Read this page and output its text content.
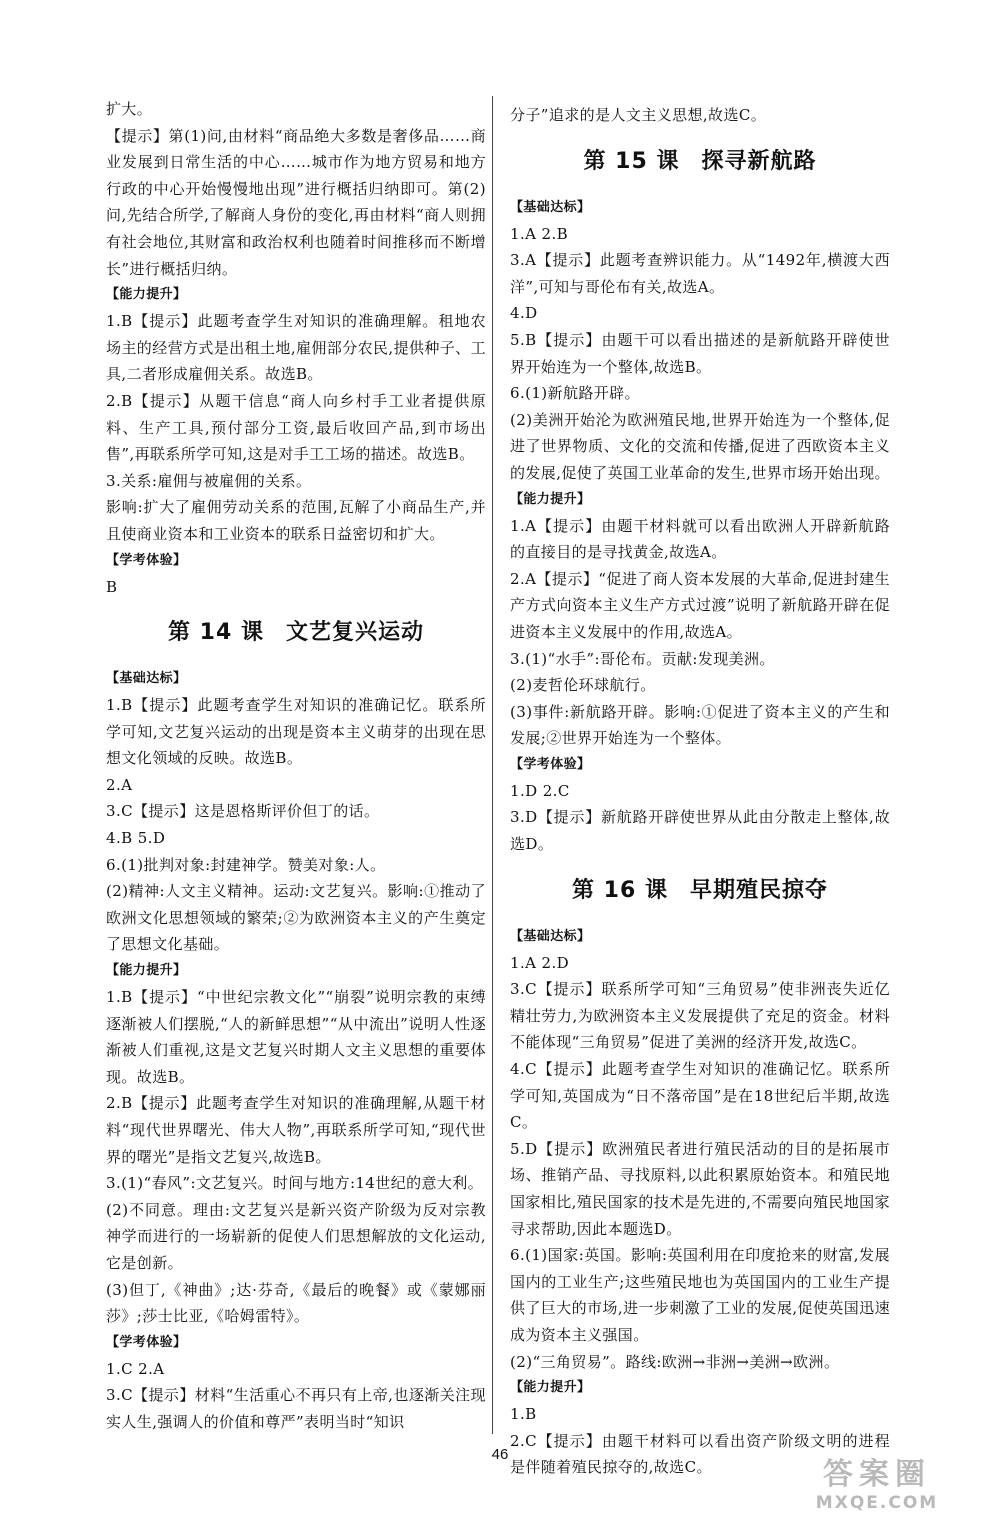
扩大。

【提示】第(1)问,由材料“商品绝大多数是奢侈品……商业发展到日常生活的中心……城市作为地方贸易和地方行政的中心开始慢慢地出现”进行概括归纳即可。第(2)问,先结合所学,了解商人身份的变化,再由材料“商人则拥有社会地位,其财富和政治权利也随着时间推移而不断增长”进行概括归纳。

【能力提升】

1.B【提示】此题考查学生对知识的准确理解。租地农场主的经营方式是出租土地,雇佣部分农民,提供种子、工具,二者形成雇佣关系。故选B。

2.B【提示】从题干信息“商人向乡村手工业者提供原料、生产工具,预付部分工资,最后收回产品,到市场出售”,再联系所学可知,这是对手工工场的描述。故选B。

3.关系:雇佣与被雇佣的关系。

影响:扩大了雇佣劳动关系的范围,瓦解了小商品生产,并且使商业资本和工业资本的联系日益密切和扩大。

【学考体验】

B

第 14 课 文艺复兴运动

【基础达标】

1.B【提示】此题考查学生对知识的准确记忆。联系所学可知,文艺复兴运动的出现是资本主义萌芽的出现在思想文化领域的反映。故选B。

2.A

3.C【提示】这是恩格斯评价但丁的话。

4.B 5.D

6.(1)批判对象:封建神学。赞美对象:人。

(2)精神:人文主义精神。运动:文艺复兴。影响:①推动了欧洲文化思想领域的繁荣;②为欧洲资本主义的产生奠定了思想文化基础。

【能力提升】

1.B【提示】“中世纪宗教文化”“崩裂”说明宗教的束缚逐渐被人们摆脱,“人的新鲜思想”“从中流出”说明人性逐渐被人们重视,这是文艺复兴时期人文主义思想的重要体现。故选B。

2.B【提示】此题考查学生对知识的准确理解,从题干材料“现代世界曙光、伟大人物”,再联系所学可知,“现代世界的曙光”是指文艺复兴,故选B。

3.(1)“春风”:文艺复兴。时间与地方:14世纪的意大利。

(2)不同意。理由:文艺复兴是新兴资产阶级为反对宗教神学而进行的一场崭新的促使人们思想解放的文化运动,它是创新。

(3)但丁,《神曲》;达·芬奇,《最后的晚餐》或《蒙娜丽莎》;莎士比亚,《哈姆雷特》。

【学考体验】

1.C 2.A

3.C【提示】材料“生活重心不再只有上帝,也逐渐关注现实人生,强调人的价值和尊严”表明当时“知识

分子”追求的是人文主义思想,故选C。

第 15 课 探寻新航路

【基础达标】

1.A 2.B

3.A【提示】此题考查辨识能力。从“1492年,横渡大西洋”,可知与哥伦布有关,故选A。

4.D

5.B【提示】由题干可以看出描述的是新航路开辟使世界开始连为一个整体,故选B。

6.(1)新航路开辟。

(2)美洲开始沦为欧洲殖民地,世界开始连为一个整体,促进了世界物质、文化的交流和传播,促进了西欧资本主义的发展,促使了英国工业革命的发生,世界市场开始出现。

【能力提升】

1.A【提示】由题干材料就可以看出欧洲人开辟新航路的直接目的是寻找黄金,故选A。

2.A【提示】“促进了商人资本发展的大革命,促进封建生产方式向资本主义生产方式过渡”说明了新航路开辟在促进资本主义发展中的作用,故选A。

3.(1)“水手”:哥伦布。贡献:发现美洲。

(2)麦哲伦环球航行。

(3)事件:新航路开辟。影响:①促进了资本主义的产生和发展;②世界开始连为一个整体。

【学考体验】

1.D 2.C

3.D【提示】新航路开辟使世界从此由分散走上整体,故选D。

第 16 课 早期殖民掠夺

【基础达标】

1.A 2.D

3.C【提示】联系所学可知“三角贸易”使非洲丧失近亿精壮劳力,为欧洲资本主义发展提供了充足的资金。材料不能体现“三角贸易”促进了美洲的经济开发,故选C。

4.C【提示】此题考查学生对知识的准确记忆。联系所学可知,英国成为“日不落帝国”是在18世纪后半期,故选C。

5.D【提示】欧洲殖民者进行殖民活动的目的是拓展市场、推销产品、寻找原料,以此积累原始资本。和殖民地国家相比,殖民国家的技术是先进的,不需要向殖民地国家寻求帮助,因此本题选D。

6.(1)国家:英国。影响:英国利用在印度抢来的财富,发展国内的工业生产;这些殖民地也为英国国内的工业生产提供了巨大的市场,进一步刺激了工业的发展,促使英国迅速成为资本主义强国。

(2)“三角贸易”。路线:欧洲→非洲→美洲→欧洲。

【能力提升】

1.B

2.C【提示】由题干材料可以看出资产阶级文明的进程是伴随着殖民掠夺的,故选C。

46
答案圈
MXQE.COM
